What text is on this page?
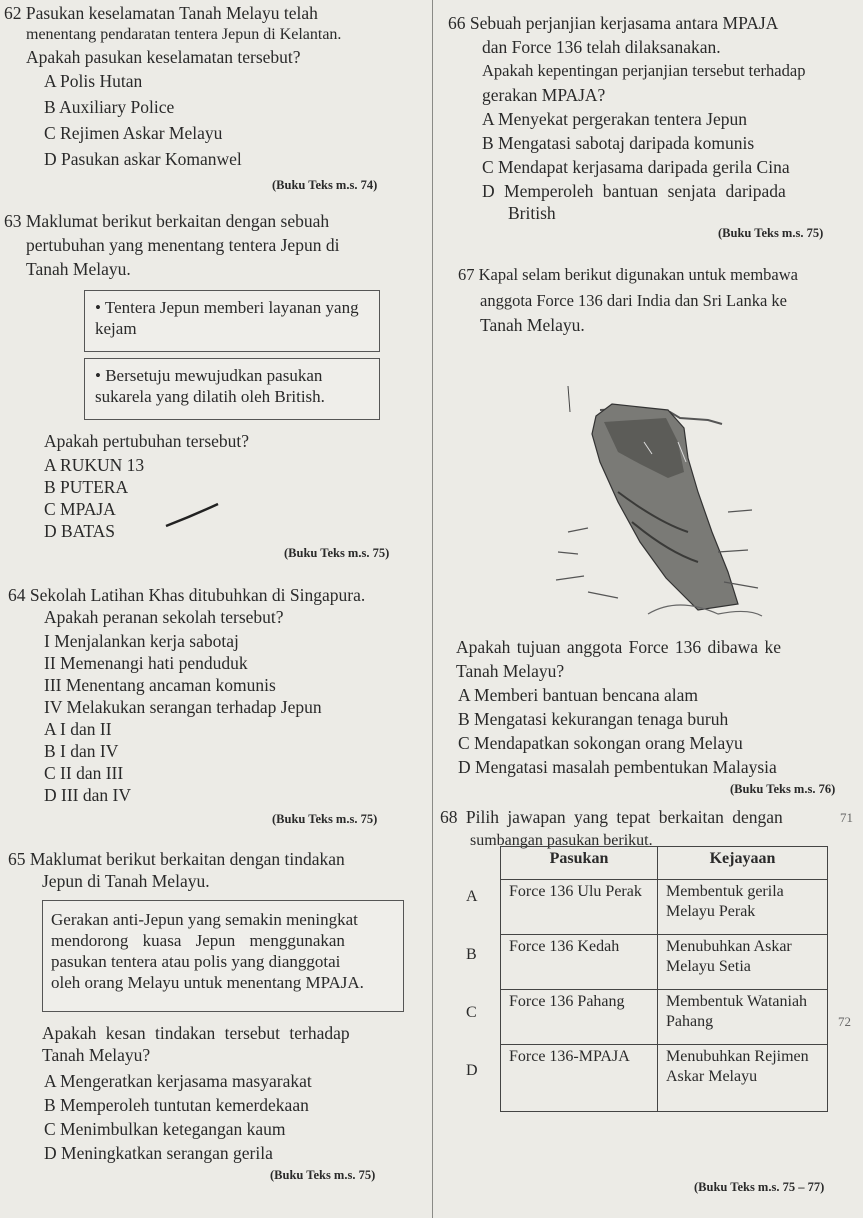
62 Pasukan keselamatan Tanah Melayu telah
menentang pendaratan tentera Jepun di Kelantan.
Apakah pasukan keselamatan tersebut?
A Polis Hutan
B Auxiliary Police
C Rejimen Askar Melayu
D Pasukan askar Komanwel
(Buku Teks m.s. 74)
63 Maklumat berikut berkaitan dengan sebuah
pertubuhan yang menentang tentera Jepun di
Tanah Melayu.
• Tentera Jepun memberi layanan yang kejam
• Bersetuju mewujudkan pasukan sukarela yang dilatih oleh British.
Apakah pertubuhan tersebut?
A RUKUN 13
B PUTERA
C MPAJA
D BATAS
(Buku Teks m.s. 75)
64 Sekolah Latihan Khas ditubuhkan di Singapura.
Apakah peranan sekolah tersebut?
I Menjalankan kerja sabotaj
II Memenangi hati penduduk
III Menentang ancaman komunis
IV Melakukan serangan terhadap Jepun
A I dan II
B I dan IV
C II dan III
D III dan IV
(Buku Teks m.s. 75)
65 Maklumat berikut berkaitan dengan tindakan
Jepun di Tanah Melayu.
Gerakan anti-Jepun yang semakin meningkat
mendorong kuasa Jepun menggunakan
pasukan tentera atau polis yang dianggotai
oleh orang Melayu untuk menentang MPAJA.
Apakah kesan tindakan tersebut terhadap
Tanah Melayu?
A Mengeratkan kerjasama masyarakat
B Memperoleh tuntutan kemerdekaan
C Menimbulkan ketegangan kaum
D Meningkatkan serangan gerila
(Buku Teks m.s. 75)
66 Sebuah perjanjian kerjasama antara MPAJA
dan Force 136 telah dilaksanakan.
Apakah kepentingan perjanjian tersebut terhadap
gerakan MPAJA?
A Menyekat pergerakan tentera Jepun
B Mengatasi sabotaj daripada komunis
C Mendapat kerjasama daripada gerila Cina
D Memperoleh bantuan senjata daripada
British
(Buku Teks m.s. 75)
67 Kapal selam berikut digunakan untuk membawa
anggota Force 136 dari India dan Sri Lanka ke
Tanah Melayu.
Apakah tujuan anggota Force 136 dibawa ke
Tanah Melayu?
A Memberi bantuan bencana alam
B Mengatasi kekurangan tenaga buruh
C Mendapatkan sokongan orang Melayu
D Mengatasi masalah pembentukan Malaysia
(Buku Teks m.s. 76)
68 Pilih jawapan yang tepat berkaitan dengan
sumbangan pasukan berikut.
A
B
C
D
Pasukan	Kejayaan
Force 136 Ulu Perak	Membentuk gerila Melayu Perak
Force 136 Kedah	Menubuhkan Askar Melayu Setia
Force 136 Pahang	Membentuk Wataniah Pahang
Force 136-MPAJA	Menubuhkan Rejimen Askar Melayu
(Buku Teks m.s. 75 – 77)
71
72
